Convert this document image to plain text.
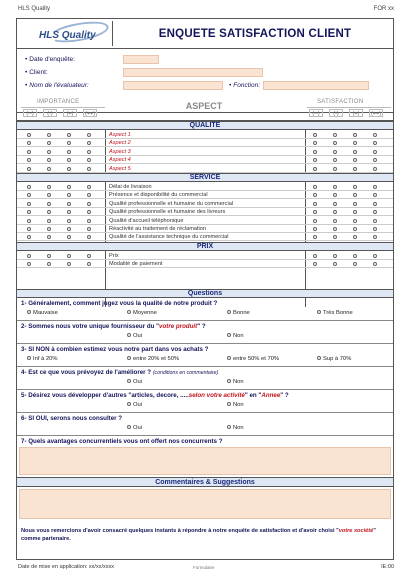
HLS Quality	FOR xx
HLS Quality	ENQUETE SATISFACTION CLIENT
• Date d'enquête:
• Client:
• Nom de l'évaluateur:	• Fonction:
IMPORTANCE
(--)	(-)	(+)	(++)
ASPECT	SATISFACTION
(--)	(-)	(+)	(++)
QUALITE
Aspect 1
Aspect 2
Aspect 3
Aspect 4
Aspect 5
SERVICE
Délai de livraison
Présence et disponibilité du commercial
Qualité professionnelle et humaine du commercial
Qualité professionnelle et humaine des livreurs
Qualité d'accueil téléphonique
Réactivité au traitement de réclamation
Qualité de l'assistance technique du commercial
PRIX
Prix
Modalité de paiement
Questions
1- Généralement, comment jugez vous la qualité de notre produit ?
Mauvaise	Moyenne	Bonne	Très Bonne
2- Sommes nous votre unique fournisseur du "votre produit" ?
Oui	Non
3- SI NON à combien estimez vous notre part dans vos achats ?
Inf à 20%	entre 20% et 50%	entre 50% et 70%	Sup à 70%
4- Est ce que vous prévoyez de l'améliorer ? (conditions en commentaire)
Oui	Non
5- Désirez vous développer d'autres "articles, decore, .....selon votre activité" en "Annee" ?
Oui	Non
6- SI OUI, serons nous consulter ?
Oui	Non
7- Quels avantages concurrentiels vous ont offert nos concurrents ?
Commentaires & Suggestions
Nous vous remercions d'avoir consacré quelques instants à répondre à notre enquête de satisfaction et d'avoir choisi "votre société" comme partenaire.
Date de mise en application: xx/xx/xxxx	Formulaire	IE:00
